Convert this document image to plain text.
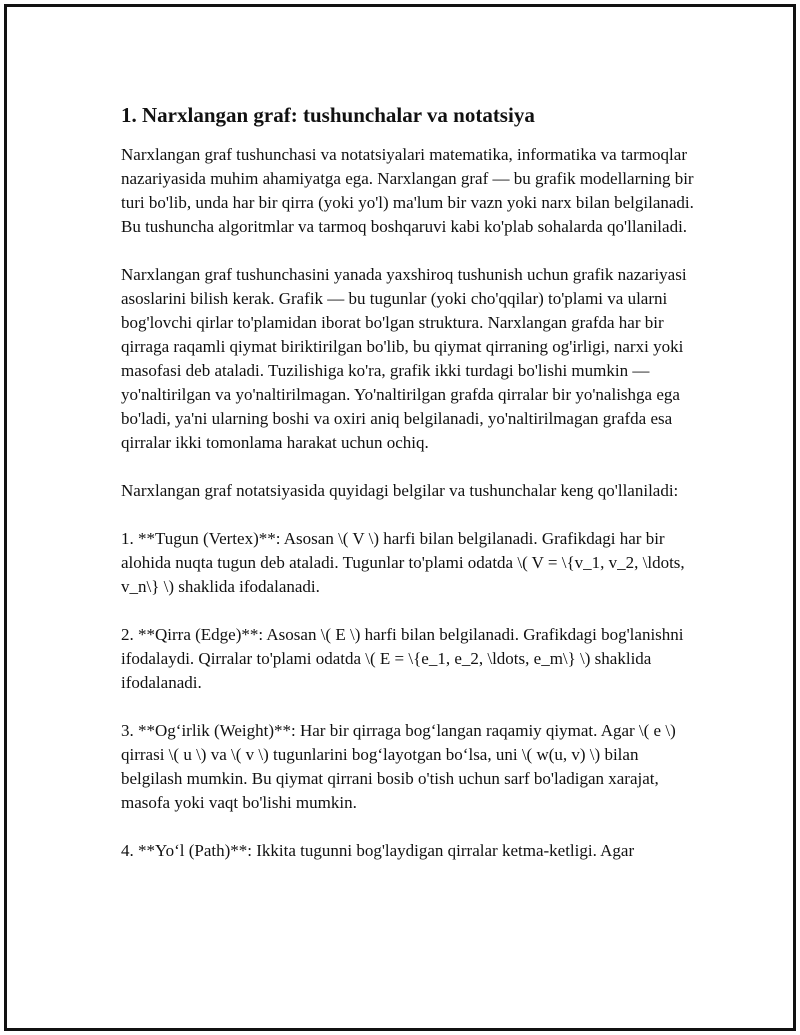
1. Narxlangan graf: tushunchalar va notatsiya

Narxlangan graf tushunchasi va notatsiyalari matematika, informatika va tarmoqlar nazariyasida muhim ahamiyatga ega. Narxlangan graf — bu grafik modellarning bir turi bo'lib, unda har bir qirra (yoki yo'l) ma'lum bir vazn yoki narx bilan belgilanadi. Bu tushuncha algoritmlar va tarmoq boshqaruvi kabi ko'plab sohalarda qo'llaniladi.

Narxlangan graf tushunchasini yanada yaxshiroq tushunish uchun grafik nazariyasi asoslarini bilish kerak. Grafik — bu tugunlar (yoki cho'qqilar) to'plami va ularni bog'lovchi qirlar to'plamidan iborat bo'lgan struktura. Narxlangan grafda har bir qirraga raqamli qiymat biriktirilgan bo'lib, bu qiymat qirraning og'irligi, narxi yoki masofasi deb ataladi. Tuzilishiga ko'ra, grafik ikki turdagi bo'lishi mumkin — yo'naltirilgan va yo'naltirilmagan. Yo'naltirilgan grafda qirralar bir yo'nalishga ega bo'ladi, ya'ni ularning boshi va oxiri aniq belgilanadi, yo'naltirilmagan grafda esa qirralar ikki tomonlama harakat uchun ochiq.

Narxlangan graf notatsiyasida quyidagi belgilar va tushunchalar keng qo'llaniladi:

1. **Tugun (Vertex)**: Asosan \( V \) harfi bilan belgilanadi. Grafikdagi har bir alohida nuqta tugun deb ataladi. Tugunlar to'plami odatda \( V = \{v_1, v_2, \ldots, v_n\} \) shaklida ifodalanadi.

2. **Qirra (Edge)**: Asosan \( E \) harfi bilan belgilanadi. Grafikdagi bog'lanishni ifodalaydi. Qirralar to'plami odatda \( E = \{e_1, e_2, \ldots, e_m\} \) shaklida ifodalanadi.

3. **Og‘irlik (Weight)**: Har bir qirraga bog‘langan raqamiy qiymat. Agar \( e \) qirrasi \( u \) va \( v \) tugunlarini bog‘layotgan bo‘lsa, uni \( w(u, v) \) bilan belgilash mumkin. Bu qiymat qirrani bosib o'tish uchun sarf bo'ladigan xarajat, masofa yoki vaqt bo'lishi mumkin.

4. **Yo‘l (Path)**: Ikkita tugunni bog'laydigan qirralar ketma-ketligi. Agar
